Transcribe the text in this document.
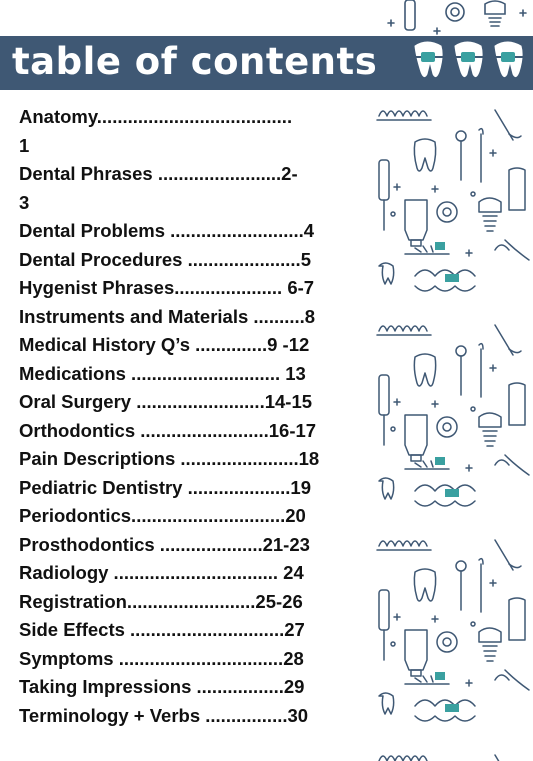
table of contents
Anatomy......................................
1
Dental Phrases ........................2-
3
Dental Problems ..........................4
Dental Procedures ......................5
Hygenist Phrases..................... 6-7
Instruments and Materials ..........8
Medical History Q’s ..............9 -12
Medications ............................. 13
Oral Surgery .........................14-15
Orthodontics .........................16-17
Pain Descriptions .......................18
Pediatric Dentistry ....................19
Periodontics..............................20
Prosthodontics ....................21-23
Radiology ................................ 24
Registration.........................25-26
Side Effects ..............................27
Symptoms ................................28
Taking Impressions .................29
Terminology + Verbs ................30
